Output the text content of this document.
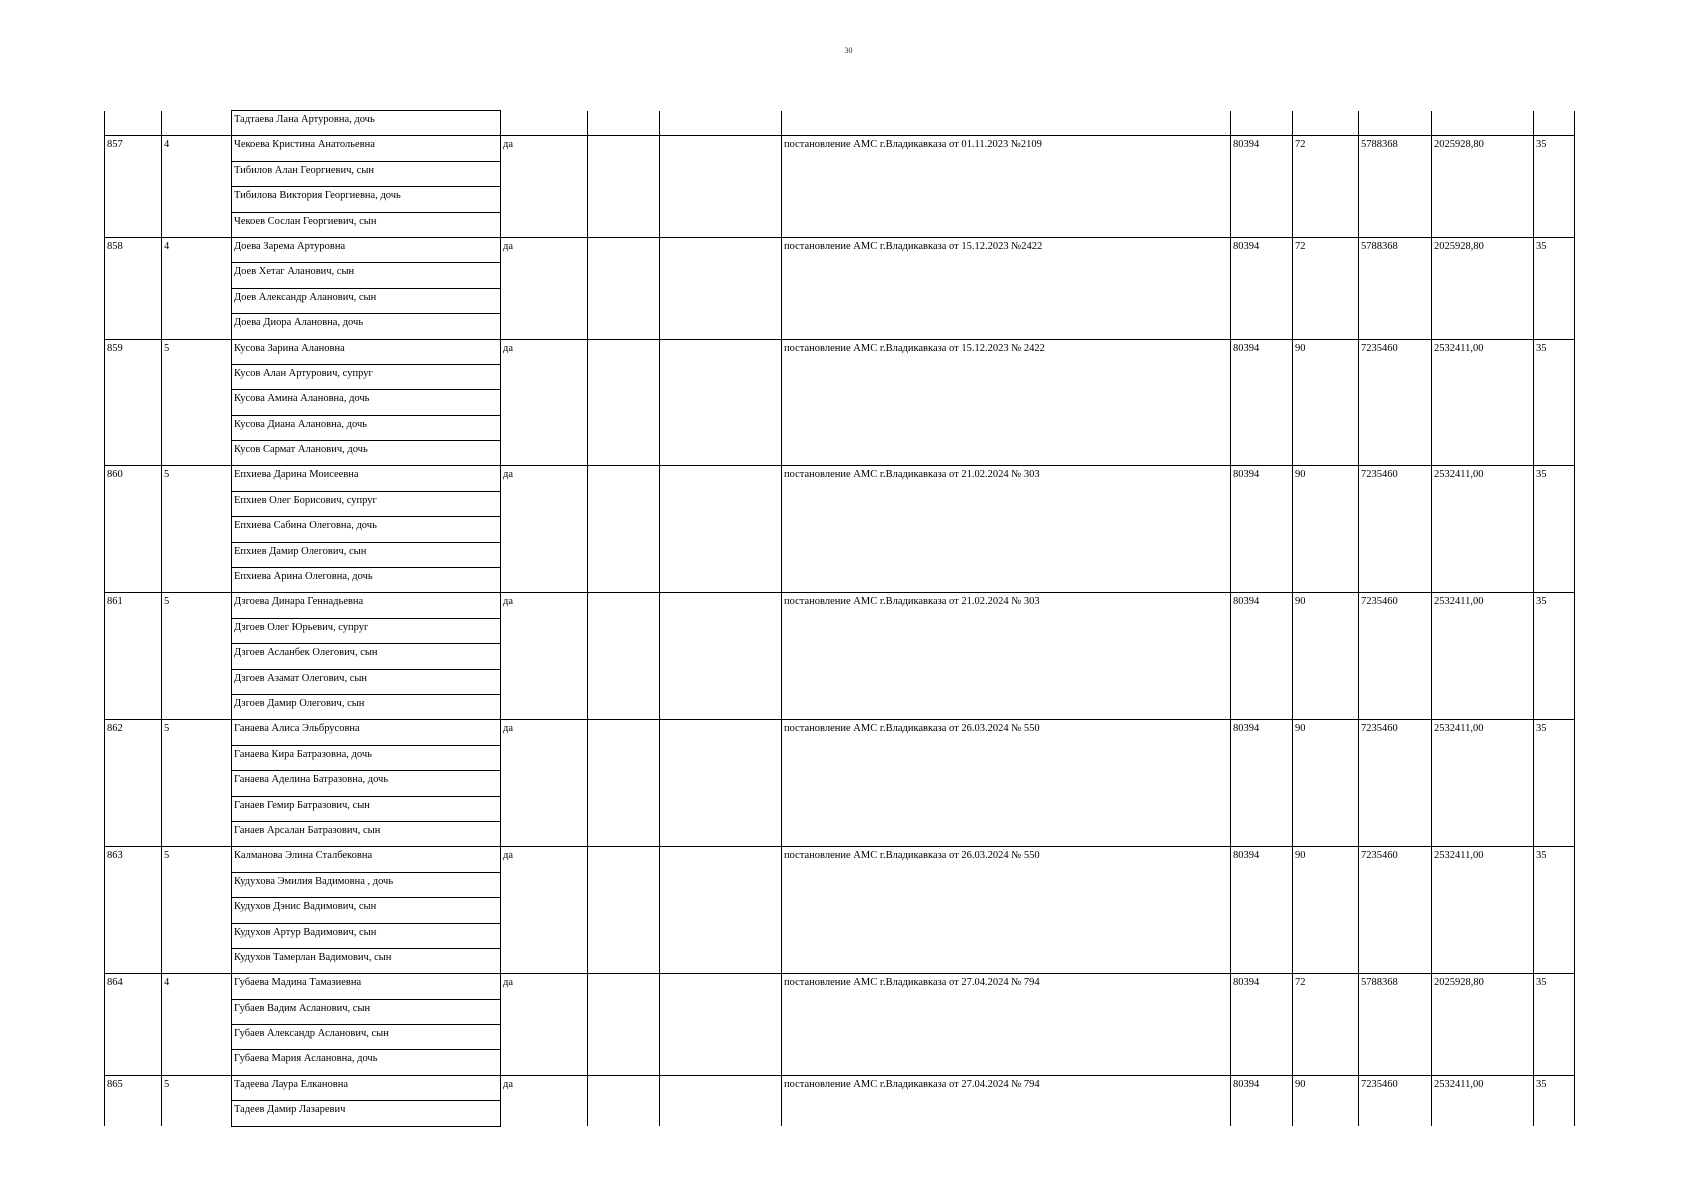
30
		Тадтаева Лана Артуровна, дочь									
857	4	Чекоева Кристина Анатольевна	да			постановление АМС г.Владикавказа от 01.11.2023 №2109	80394	72	5788368	2025928,80	35
		Тибилов Алан Георгиевич, сын									
		Тибилова Виктория Георгиевна, дочь									
		Чекоев Сослан Георгиевич, сын									
858	4	Доева Зарема Артуровна	да			постановление АМС г.Владикавказа от 15.12.2023 №2422	80394	72	5788368	2025928,80	35
		Доев Хетаг Аланович, сын									
		Доев Александр Аланович, сын									
		Доева Диора Алановна, дочь									
859	5	Кусова Зарина Алановна	да			постановление АМС г.Владикавказа от 15.12.2023 № 2422	80394	90	7235460	2532411,00	35
		Кусов Алан Артурович, супруг									
		Кусова Амина Алановна, дочь									
		Кусова Диана Алановна, дочь									
		Кусов Сармат Аланович, дочь									
860	5	Епхиева Дарина Моисеевна	да			постановление АМС г.Владикавказа от 21.02.2024 № 303	80394	90	7235460	2532411,00	35
		Епхиев Олег Борисович, супруг									
		Епхиева Сабина Олеговна, дочь									
		Епхиев Дамир Олегович, сын									
		Епхиева Арина Олеговна, дочь									
861	5	Дзгоева Динара Геннадьевна	да			постановление АМС г.Владикавказа от 21.02.2024 № 303	80394	90	7235460	2532411,00	35
		Дзгоев Олег Юрьевич, супруг									
		Дзгоев Асланбек Олегович, сын									
		Дзгоев Азамат Олегович, сын									
		Дзгоев Дамир Олегович, сын									
862	5	Ганаева Алиса Эльбрусовна	да			постановление АМС г.Владикавказа от 26.03.2024 № 550	80394	90	7235460	2532411,00	35
		Ганаева Кира Батразовна, дочь									
		Ганаева Аделина Батразовна, дочь									
		Ганаев Гемир Батразович, сын									
		Ганаев Арсалан Батразович, сын									
863	5	Калманова Элина Сталбековна	да			постановление АМС г.Владикавказа от 26.03.2024 № 550	80394	90	7235460	2532411,00	35
		Кудухова Эмилия Вадимовна , дочь									
		Кудухов Дэнис Вадимович, сын									
		Кудухов Артур Вадимович, сын									
		Кудухов Тамерлан Вадимович, сын									
864	4	Губаева Мадина Тамазиевна	да			постановление АМС г.Владикавказа от 27.04.2024 № 794	80394	72	5788368	2025928,80	35
		Губаев Вадим Асланович, сын									
		Губаев Александр Асланович, сын									
		Губаева Мария Аслановна, дочь									
865	5	Тадеева Лаура Елкановна	да			постановление АМС г.Владикавказа от 27.04.2024 № 794	80394	90	7235460	2532411,00	35
		Тадеев Дамир Лазаревич									
